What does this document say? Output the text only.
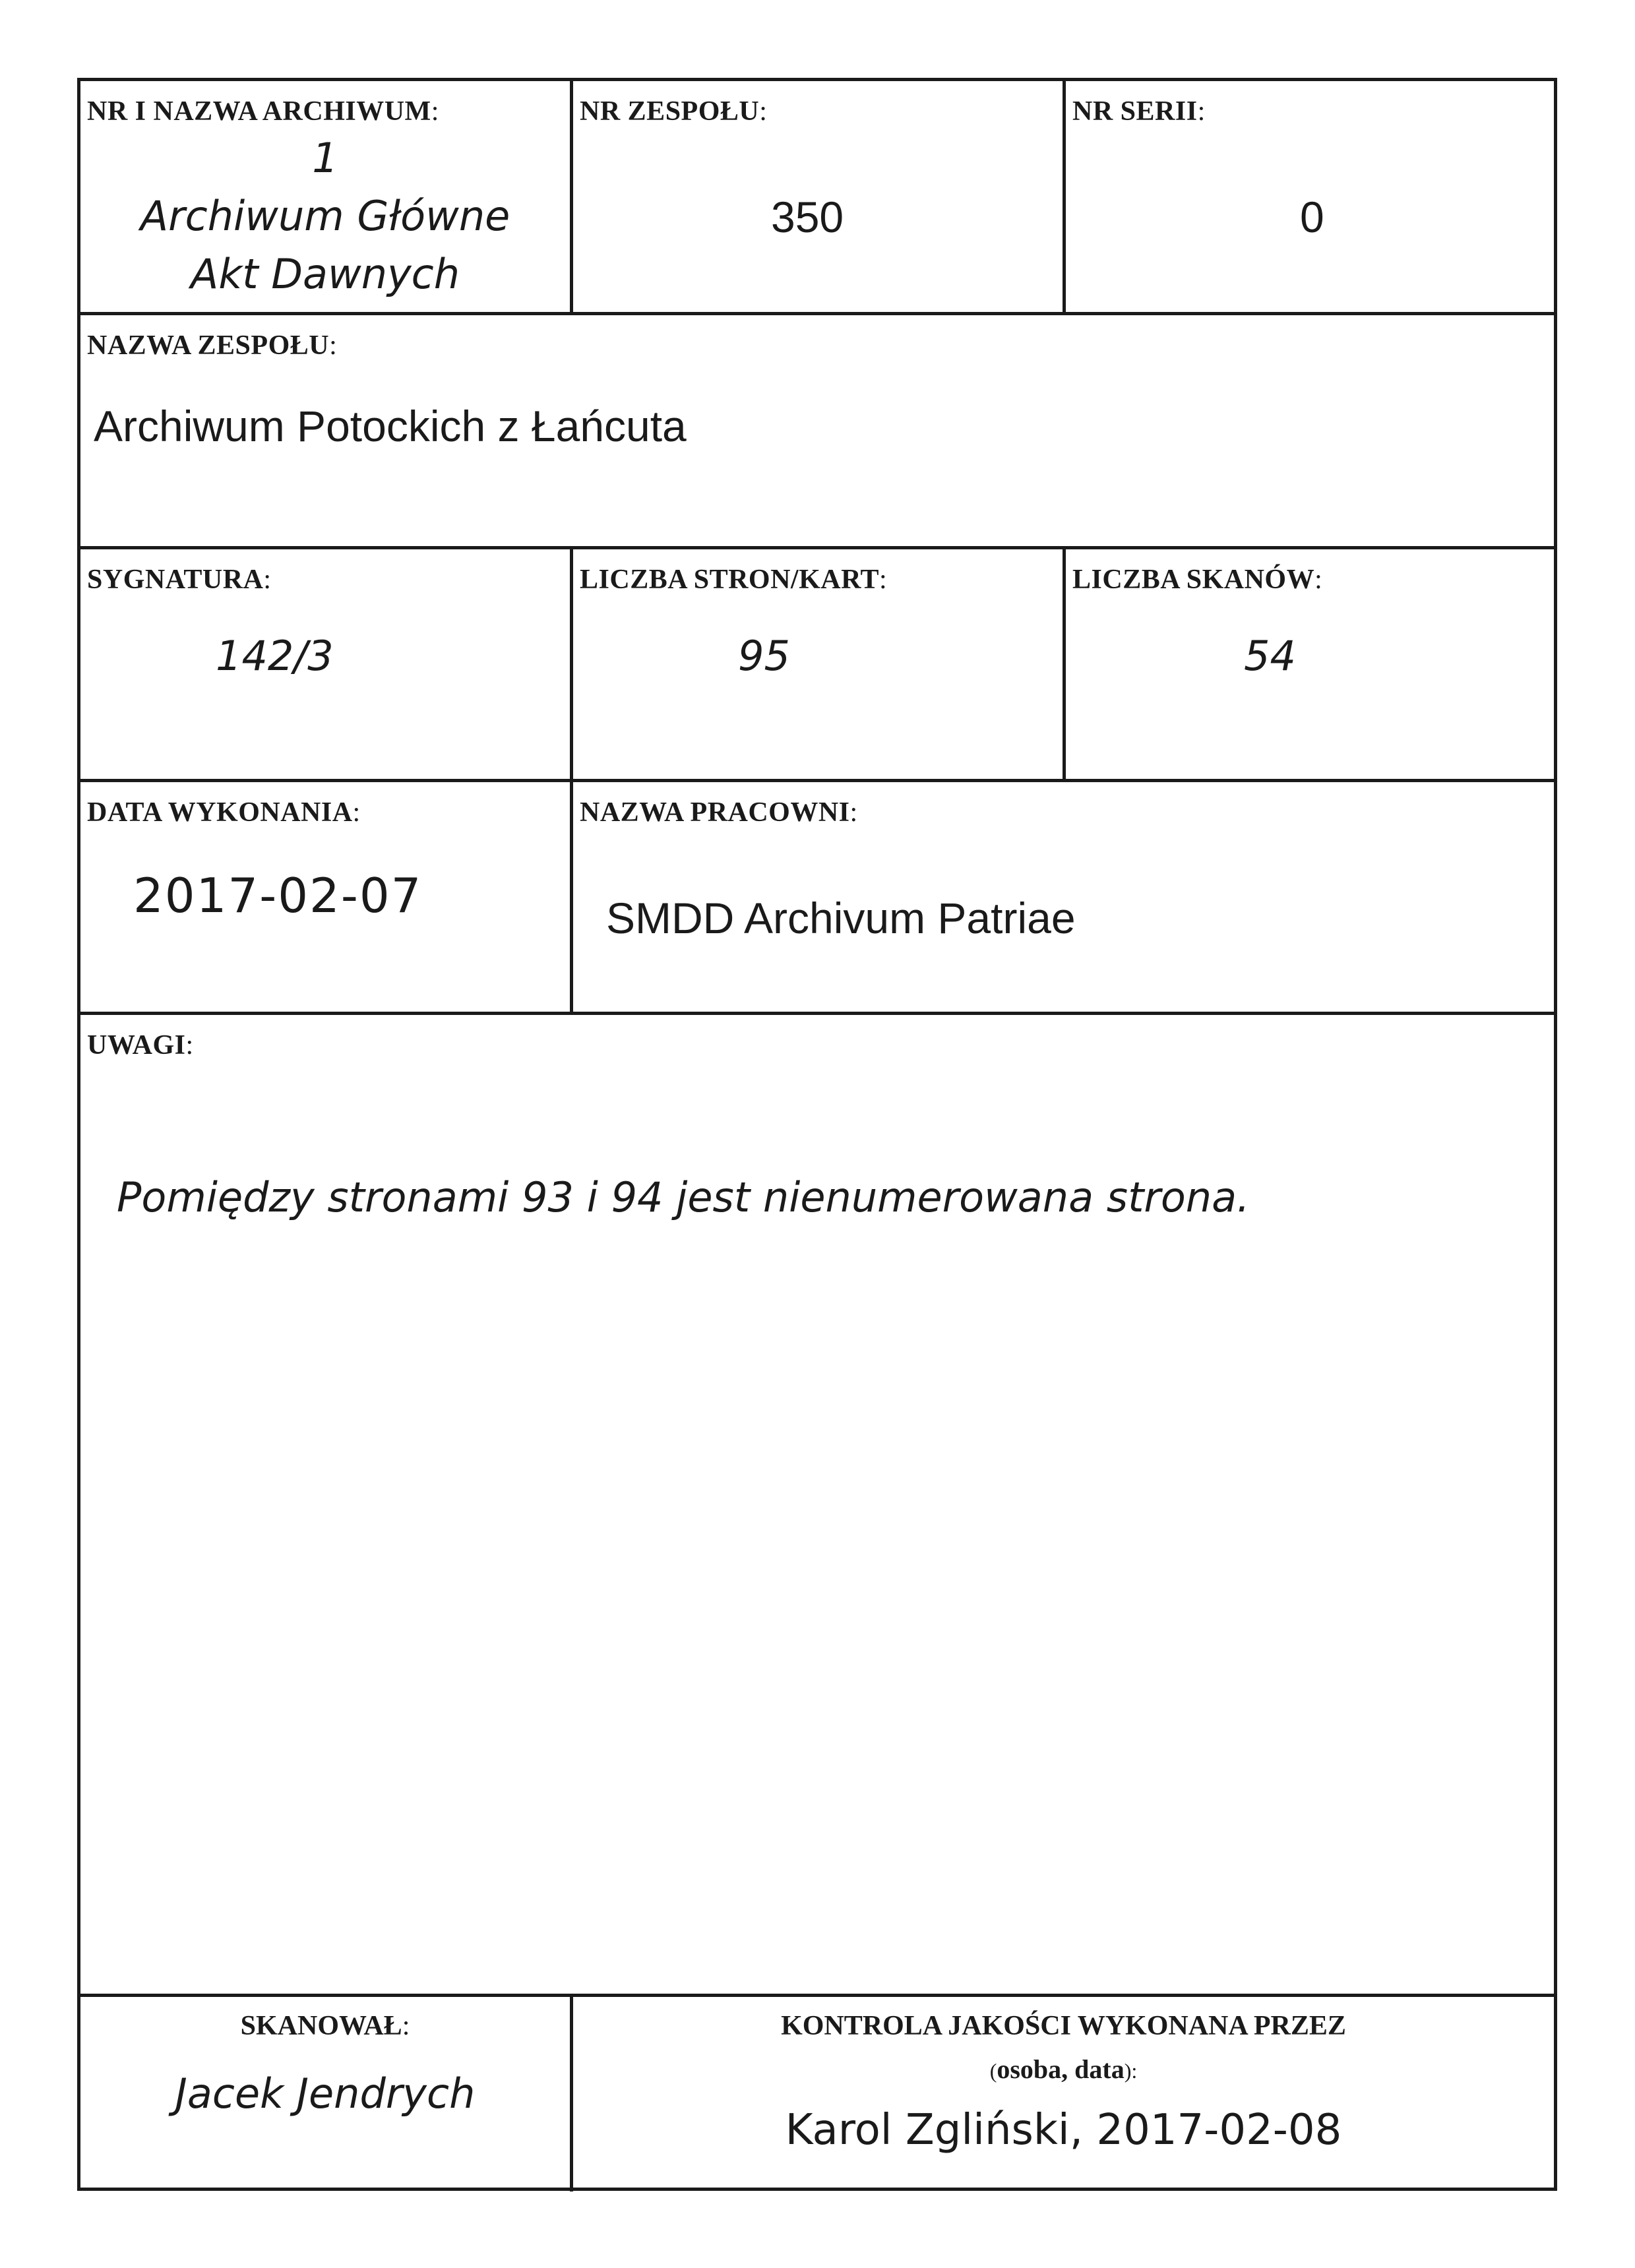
NR I NAZWA ARCHIWUM:
1
Archiwum Główne
Akt Dawnych
NR ZESPOŁU:
350
NR SERII:
0
NAZWA ZESPOŁU:
Archiwum Potockich z Łańcuta
SYGNATURA:
142/3
LICZBA STRON/KART:
95
LICZBA SKANÓW:
54
DATA WYKONANIA:
2017-02-07
NAZWA PRACOWNI:
SMDD Archivum Patriae
UWAGI:
Pomiędzy stronami 93 i 94 jest nienumerowana strona.
SKANOWAŁ:
Jacek Jendrych
KONTROLA JAKOŚCI WYKONANA PRZEZ
(osoba, data):
Karol Zgliński, 2017-02-08
